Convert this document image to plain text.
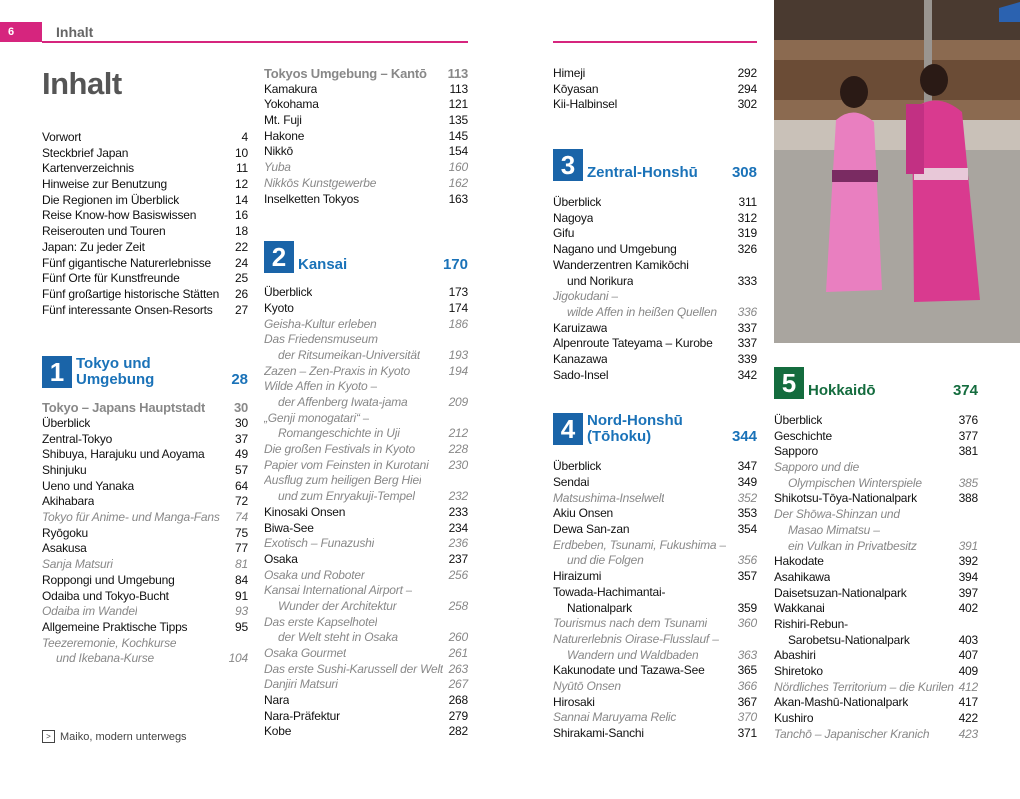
6	Inhalt
Inhalt
Vorwort	4
Steckbrief Japan	10
Kartenverzeichnis	11
Hinweise zur Benutzung	12
Die Regionen im Überblick	14
Reise Know-how Basiswissen	16
Reiserouten und Touren	18
Japan: Zu jeder Zeit	22
Fünf gigantische Naturerlebnisse 24
Fünf Orte für Kunstfreunde	25
Fünf großartige historische Stätten 26
Fünf interessante Onsen-Resorts 27
1 Tokyo und Umgebung	28
Tokyo – Japans Hauptstadt 30
Überblick	30
Zentral-Tokyo	37
Shibuya, Harajuku und Aoyama	49
Shinjuku	57
Ueno und Yanaka	64
Akihabara	72
Tokyo für Anime- und Manga-Fans 74
Ryōgoku	75
Asakusa	77
Sanja Matsuri	81
Roppongi und Umgebung	84
Odaiba und Tokyo-Bucht	91
Odaiba im Wandel	93
Allgemeine Praktische Tipps	95
Teezeremonie, Kochkurse
und Ikebana-Kurse	104
Tokyos Umgebung – Kantō 113
Kamakura	113
Yokohama	121
Mt. Fuji	135
Hakone	145
Nikkō	154
Yuba	160
Nikkōs Kunstgewerbe	162
Inselketten Tokyos	163
2 Kansai	170
Überblick	173
Kyoto	174
Geisha-Kultur erleben	186
Das Friedensmuseum
der Ritsumeikan-Universität 193
Zazen – Zen-Praxis in Kyoto	194
Wilde Affen in Kyoto –
der Affenberg Iwata-jama	209
„Genji monogatari“ –
Romangeschichte in Uji	212
Die großen Festivals in Kyoto	228
Papier vom Feinsten in Kurotani 230
Ausflug zum heiligen Berg Hiei
und zum Enryakuji-Tempel	232
Kinosaki Onsen	233
Biwa-See	234
Exotisch – Funazushi	236
Osaka	237
Osaka und Roboter	256
Kansai International Airport –
Wunder der Architektur	258
Das erste Kapselhotel
der Welt steht in Osaka	260
Osaka Gourmet	261
Das erste Sushi-Karussell der Welt 263
Danjiri Matsuri	267
Nara	268
Nara-Präfektur	279
Kobe	282
Himeji	292
Kōyasan	294
Kii-Halbinsel	302
3 Zentral-Honshū	308
Überblick	311
Nagoya	312
Gifu	319
Nagano und Umgebung	326
Wanderzentren Kamikōchi
und Norikura	333
Jigokudani –
wilde Affen in heißen Quellen 336
Karuizawa	337
Alpenroute Tateyama – Kurobe 337
Kanazawa	339
Sado-Insel	342
4 Nord-Honshū
(Tōhoku)	344
Überblick	347
Sendai	349
Matsushima-Inselwelt	352
Akiu Onsen	353
Dewa San-zan	354
Erdbeben, Tsunami, Fukushima –
und die Folgen	356
Hiraizumi	357
Towada-Hachimantai-
Nationalpark	359
Tourismus nach dem Tsunami	360
Naturerlebnis Oirase-Flusslauf –
Wandern und Waldbaden	363
Kakunodate und Tazawa-See	365
Nyūtō Onsen	366
Hirosaki	367
Sannai Maruyama Relic	370
Shirakami-Sanchi	371
5 Hokkaidō	374
Überblick	376
Geschichte	377
Sapporo	381
Sapporo und die
Olympischen Winterspiele	385
Shikotsu-Tōya-Nationalpark	388
Der Shōwa-Shinzan und
Masao Mimatsu –
ein Vulkan in Privatbesitz	391
Hakodate	392
Asahikawa	394
Daisetsuzan-Nationalpark	397
Wakkanai	402
Rishiri-Rebun-
Sarobetsu-Nationalpark	403
Abashiri	407
Shiretoko	409
Nördliches Territorium – die Kurilen 412
Akan-Mashū-Nationalpark	417
Kushiro	422
Tanchō – Japanischer Kranich 423
> Maiko, modern unterwegs
